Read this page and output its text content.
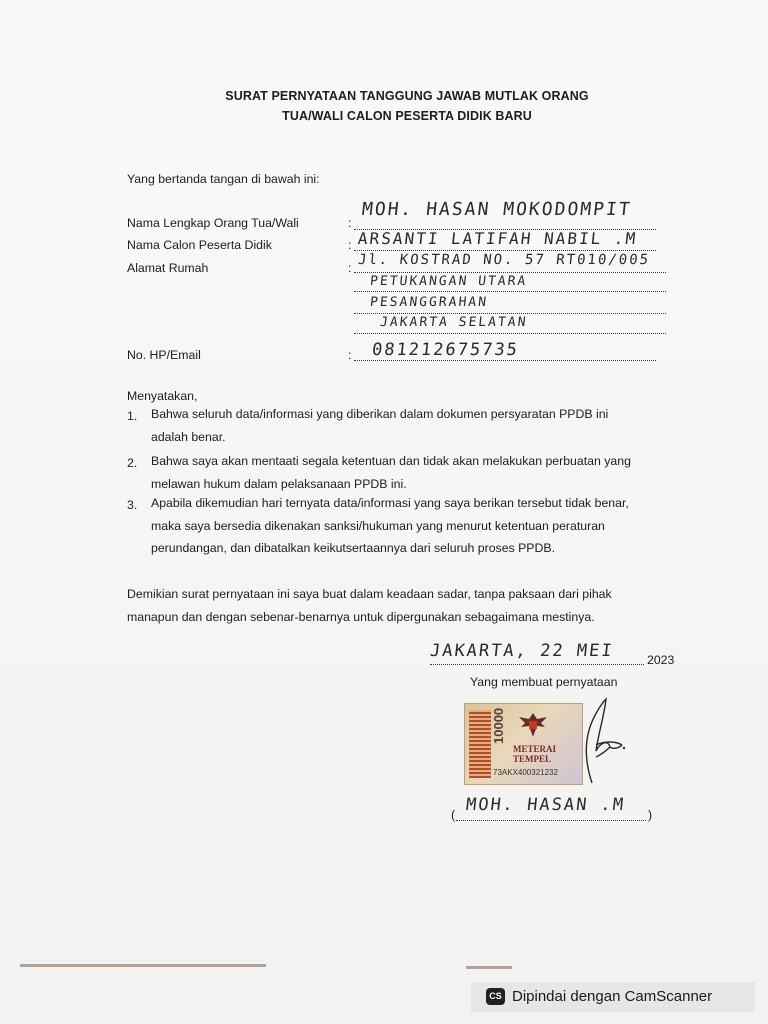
SURAT PERNYATAAN TANGGUNG JAWAB MUTLAK ORANG
TUA/WALI CALON PESERTA DIDIK BARU
Yang bertanda tangan di bawah ini:
Nama Lengkap Orang Tua/Wali	:
MOH. HASAN MOKODOMPIT
Nama Calon Peserta Didik	: ARSANTI LATIFAH NABIL .M
Alamat Rumah	: Jl. KOSTRAD NO. 57 RT010/005
PETUKANGAN UTARA
PESANGGRAHAN
JAKARTA SELATAN
No. HP/Email	: 081212675735
Menyatakan,
1.	Bahwa seluruh data/informasi yang diberikan dalam dokumen persyaratan PPDB ini
adalah benar.
2.	Bahwa saya akan mentaati segala ketentuan dan tidak akan melakukan perbuatan yang
melawan hukum dalam pelaksanaan PPDB ini.
3.	Apabila dikemudian hari ternyata data/informasi yang saya berikan tersebut tidak benar,
maka saya bersedia dikenakan sanksi/hukuman yang menurut ketentuan peraturan
perundangan, dan dibatalkan keikutsertaannya dari seluruh proses PPDB.
Demikian surat pernyataan ini saya buat dalam keadaan sadar, tanpa paksaan dari pihak
manapun dan dengan sebenar-benarnya untuk dipergunakan sebagaimana mestinya.
JAKARTA, 22 MEI	2023
Yang membuat pernyataan
10000
METERAI
TEMPEL
73AKX400321232
( MOH. HASAN .M )
CS Dipindai dengan CamScanner
